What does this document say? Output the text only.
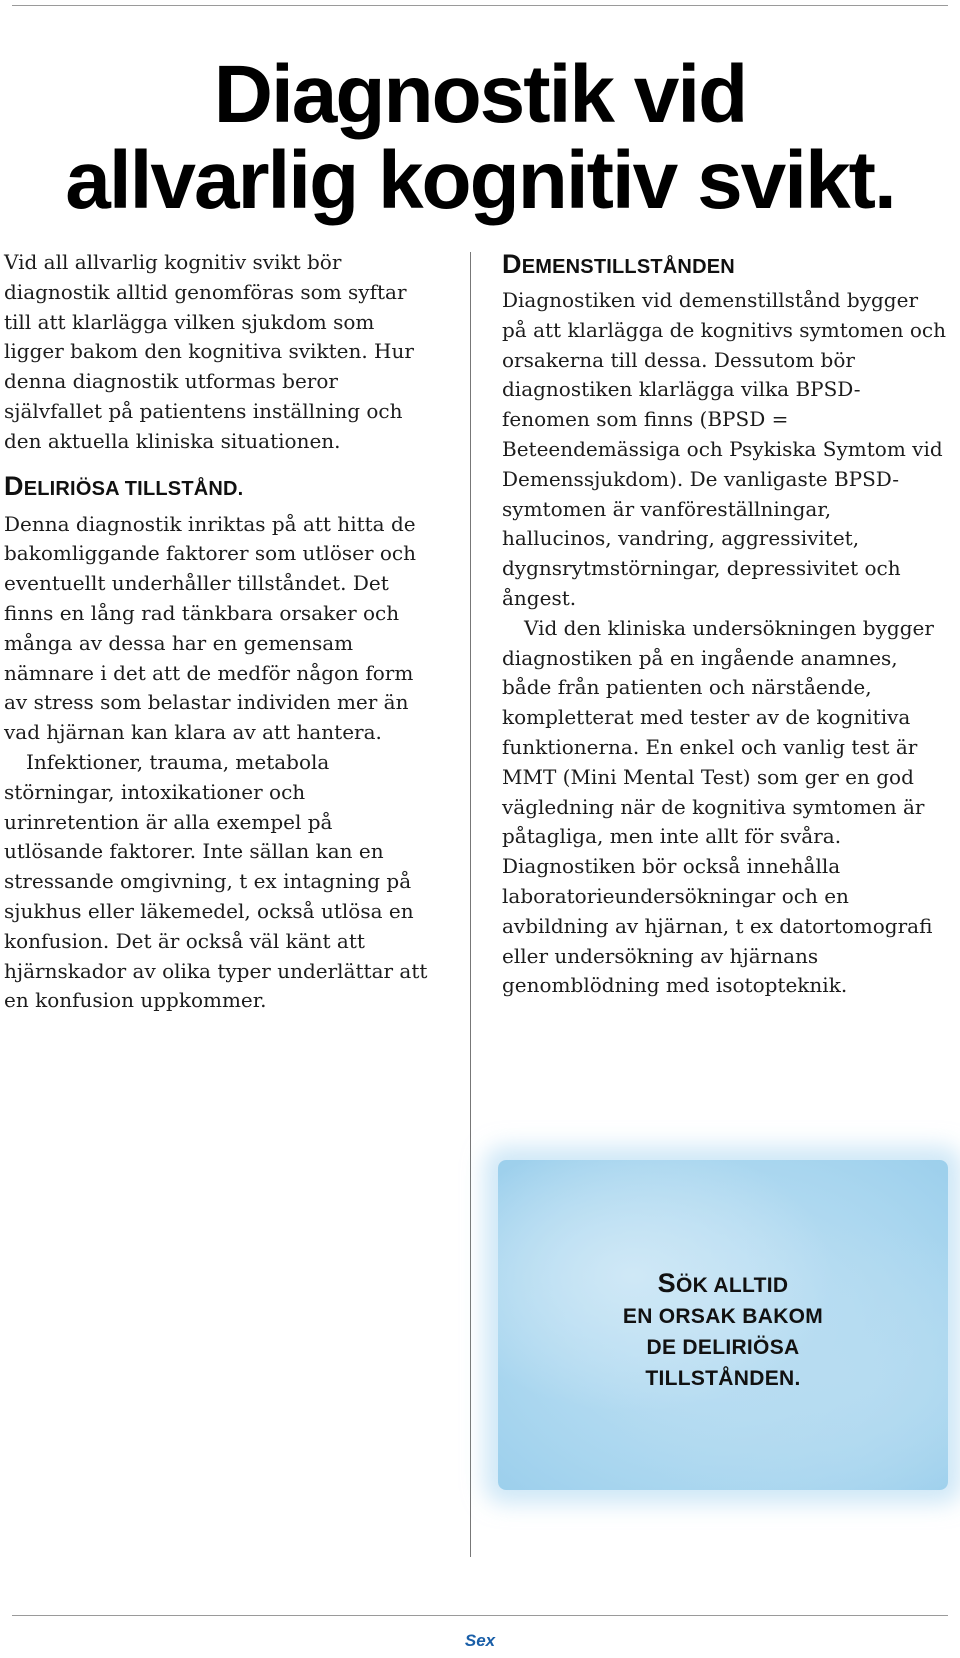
Diagnostik vid
allvarlig kognitiv svikt.

Vid all allvarlig kognitiv svikt bör diagnostik alltid genomföras som syftar till att klarlägga vilken sjukdom som ligger bakom den kognitiva svikten. Hur denna diagnostik utformas beror självfallet på patientens inställning och den aktuella kliniska situationen.

DELIRIÖSA TILLSTÅND.

Denna diagnostik inriktas på att hitta de bakomliggande faktorer som utlöser och eventuellt underhåller tillståndet. Det finns en lång rad tänkbara orsaker och många av dessa har en gemensam nämnare i det att de medför någon form av stress som belastar individen mer än vad hjärnan kan klara av att hantera.

Infektioner, trauma, metabola störningar, intoxikationer och urinretention är alla exempel på utlösande faktorer. Inte sällan kan en stressande omgivning, t ex intagning på sjukhus eller läkemedel, också utlösa en konfusion. Det är också väl känt att hjärnskador av olika typer underlättar att en konfusion uppkommer.

DEMENSTILLSTÅNDEN

Diagnostiken vid demenstillstånd bygger på att klarlägga de kognitivs symtomen och orsakerna till dessa. Dessutom bör diagnostiken klarlägga vilka BPSD-fenomen som finns (BPSD = Beteendemässiga och Psykiska Symtom vid Demenssjukdom). De vanligaste BPSD-symtomen är vanföreställningar, hallucinos, vandring, aggressivitet, dygnsrytmstörningar, depressivitet och ångest.

Vid den kliniska undersökningen bygger diagnostiken på en ingående anamnes, både från patienten och närstående, kompletterat med tester av de kognitiva funktionerna. En enkel och vanlig test är MMT (Mini Mental Test) som ger en god vägledning när de kognitiva symtomen är påtagliga, men inte allt för svåra. Diagnostiken bör också innehålla laboratorieundersökningar och en avbildning av hjärnan, t ex datortomografi eller undersökning av hjärnans genomblödning med isotopteknik.

SÖK ALLTID
EN ORSAK BAKOM
DE DELIRIÖSA
TILLSTÅNDEN.
Sex
